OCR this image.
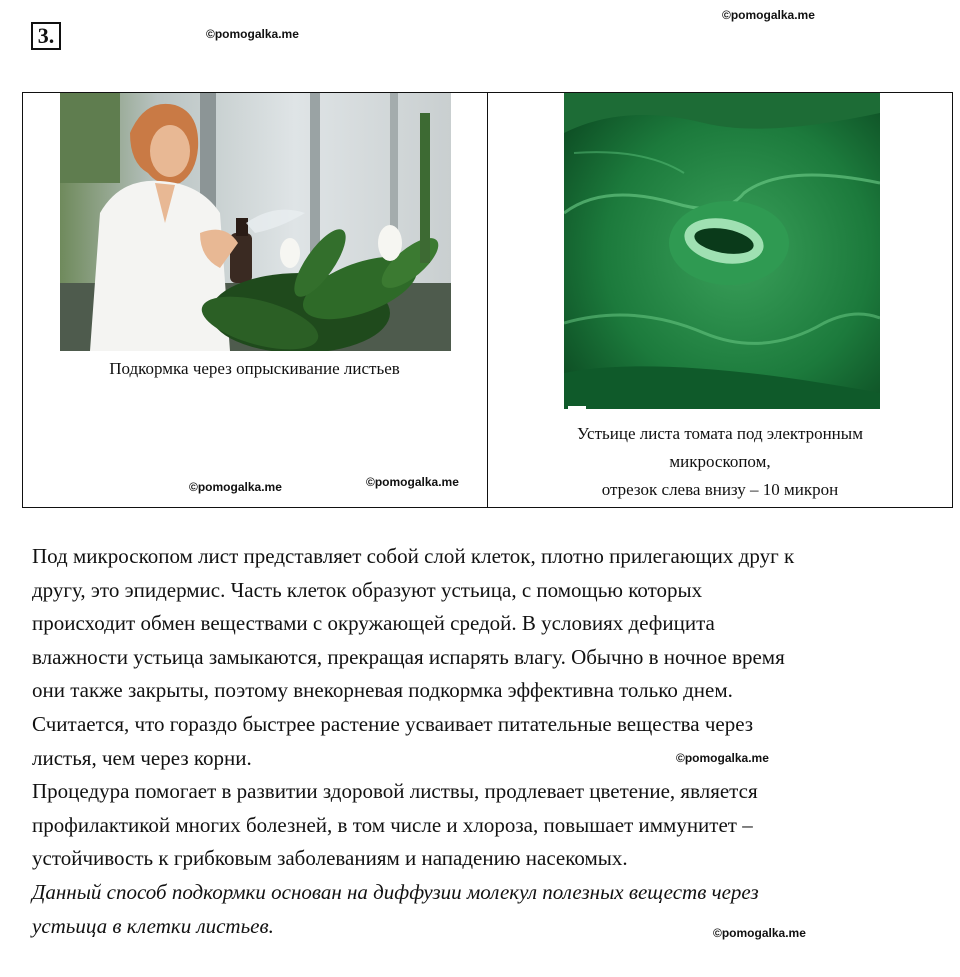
3.	©pomogalka.me
©pomogalka.me
Подкормка через опрыскивание листьев
©pomogalka.me	©pomogalka.me
Устьице листа томата под электронным
микроскопом,
отрезок слева внизу – 10 микрон

Под микроскопом лист представляет собой слой клеток, плотно прилегающих друг к

другу, это эпидермис. Часть клеток образуют устьица, с помощью которых

происходит обмен веществами с окружающей средой. В условиях дефицита

влажности устьица замыкаются, прекращая испарять влагу. Обычно в ночное время

они также закрыты, поэтому внекорневая подкормка эффективна только днем.

Считается, что гораздо быстрее растение усваивает питательные вещества через

листья, чем через корни.

Процедура помогает в развитии здоровой листвы, продлевает цветение, является

профилактикой многих болезней, в том числе и хлороза, повышает иммунитет –

устойчивость к грибковым заболеваниям и нападению насекомых.

Данный способ подкормки основан на диффузии молекул полезных веществ через

устьица в клетки листьев.

©pomogalka.me
©pomogalka.me
